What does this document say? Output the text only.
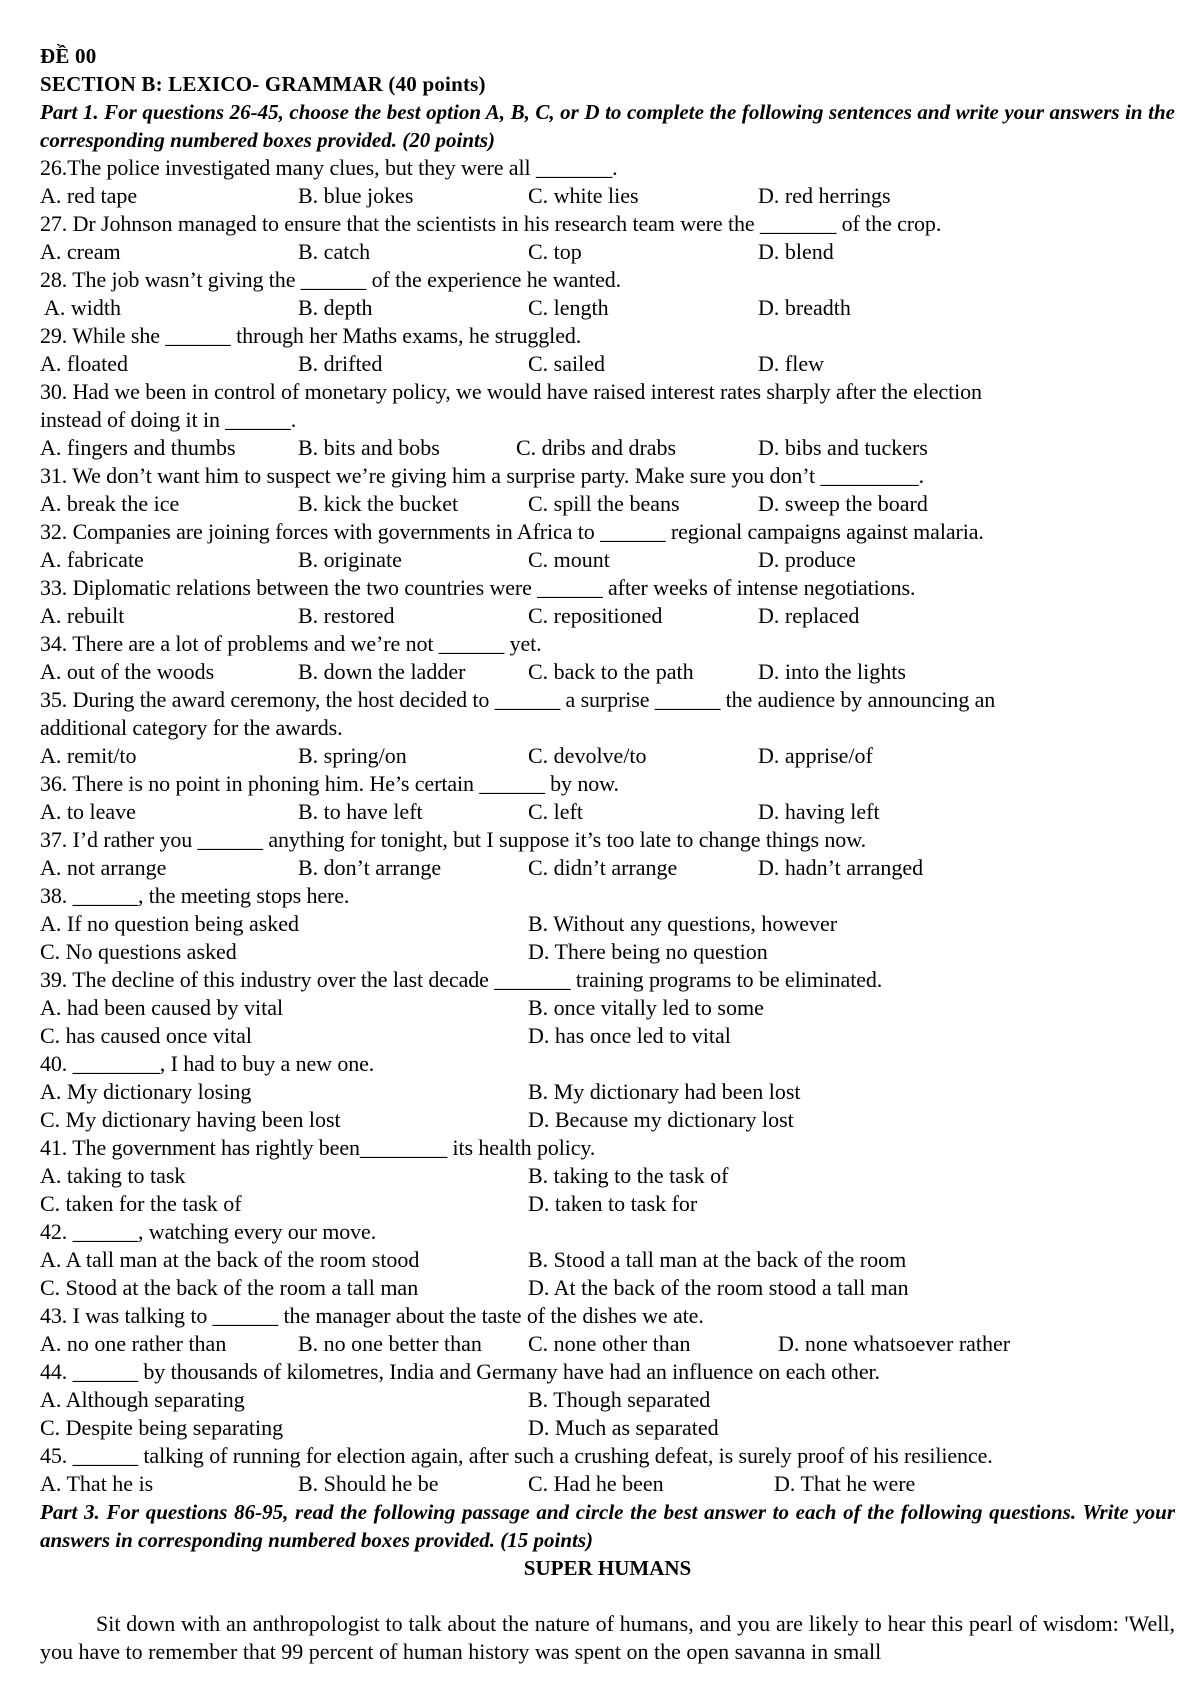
ĐỀ 00
SECTION B: LEXICO- GRAMMAR (40 points)
Part 1. For questions 26-45, choose the best option A, B, C, or D to complete the following sentences and write your answers in the corresponding numbered boxes provided. (20 points)
26.The police investigated many clues, but they were all _______.
A. red tape	B. blue jokes	C. white lies	D. red herrings
27. Dr Johnson managed to ensure that the scientists in his research team were the _______ of the crop.
A. cream	B. catch	C. top	D. blend
28. The job wasn’t giving the ______ of the experience he wanted.
A. width	B. depth	C. length	D. breadth
29. While she ______ through her Maths exams, he struggled.
A. floated	B. drifted	C. sailed	D. flew
30. Had we been in control of monetary policy, we would have raised interest rates sharply after the election
instead of doing it in ______.
A. fingers and thumbs	B. bits and bobs	C. dribs and drabs	D. bibs and tuckers
31. We don’t want him to suspect we’re giving him a surprise party. Make sure you don’t _________.
A. break the ice	B. kick the bucket	C. spill the beans	D. sweep the board
32. Companies are joining forces with governments in Africa to ______ regional campaigns against malaria.
A. fabricate	B. originate	C. mount	D. produce
33. Diplomatic relations between the two countries were ______ after weeks of intense negotiations.
A. rebuilt	B. restored	C. repositioned	D. replaced
34. There are a lot of problems and we’re not ______ yet.
A. out of the woods	B. down the ladder	C. back to the path	D. into the lights
35. During the award ceremony, the host decided to ______ a surprise ______ the audience by announcing an
additional category for the awards.
A. remit/to	B. spring/on	C. devolve/to	D. apprise/of
36. There is no point in phoning him. He’s certain ______ by now.
A. to leave	B. to have left	C. left	D. having left
37. I’d rather you ______ anything for tonight, but I suppose it’s too late to change things now.
A. not arrange	B. don’t arrange	C. didn’t arrange	D. hadn’t arranged
38. ______, the meeting stops here.
A. If no question being asked	B. Without any questions, however
C. No questions asked	D. There being no question
39. The decline of this industry over the last decade _______ training programs to be eliminated.
A. had been caused by vital	B. once vitally led to some
C. has caused once vital	D. has once led to vital
40. ________, I had to buy a new one.
A. My dictionary losing	B. My dictionary had been lost
C. My dictionary having been lost	D. Because my dictionary lost
41. The government has rightly been________ its health policy.
A. taking to task	B. taking to the task of
C. taken for the task of	D. taken to task for
42. ______, watching every our move.
A. A tall man at the back of the room stood	B. Stood a tall man at the back of the room
C. Stood at the back of the room a tall man	D. At the back of the room stood a tall man
43. I was talking to ______ the manager about the taste of the dishes we ate.
A. no one rather than	B. no one better than C. none other than	D. none whatsoever rather
44. ______ by thousands of kilometres, India and Germany have had an influence on each other.
A. Although separating	B. Though separated
C. Despite being separating	D. Much as separated
45. ______ talking of running for election again, after such a crushing defeat, is surely proof of his resilience.
A. That he is	B. Should he be	C. Had he been	D. That he were
Part 3. For questions 86-95, read the following passage and circle the best answer to each of the following questions. Write your answers in corresponding numbered boxes provided. (15 points)
SUPER HUMANS
Sit down with an anthropologist to talk about the nature of humans, and you are likely to hear this pearl of wisdom: 'Well, you have to remember that 99 percent of human history was spent on the open savanna in small
